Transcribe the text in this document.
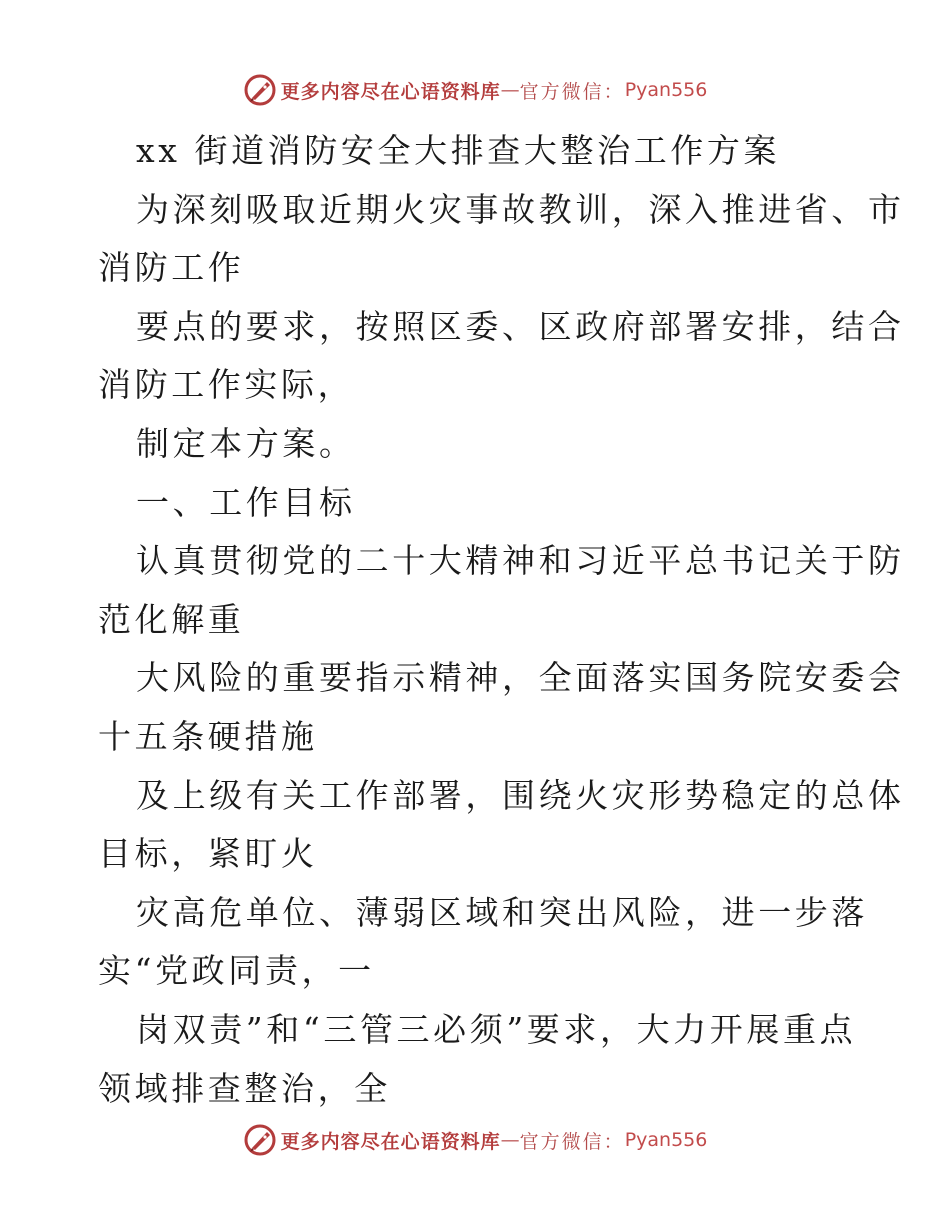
更多内容尽在心语资料库 — 官方微信： Pyan556
xx 街道消防安全大排查大整治工作方案
为深刻吸取近期火灾事故教训，深入推进省、市
消防工作
要点的要求，按照区委、区政府部署安排，结合
消防工作实际，
制定本方案。
一、工作目标
认真贯彻党的二十大精神和习近平总书记关于防
范化解重
大风险的重要指示精神，全面落实国务院安委会
十五条硬措施
及上级有关工作部署，围绕火灾形势稳定的总体
目标，紧盯火
灾高危单位、薄弱区域和突出风险，进一步落
实“党政同责，一
岗双责”和“三管三必须”要求，大力开展重点
领域排查整治，全
更多内容尽在心语资料库 — 官方微信： Pyan556
